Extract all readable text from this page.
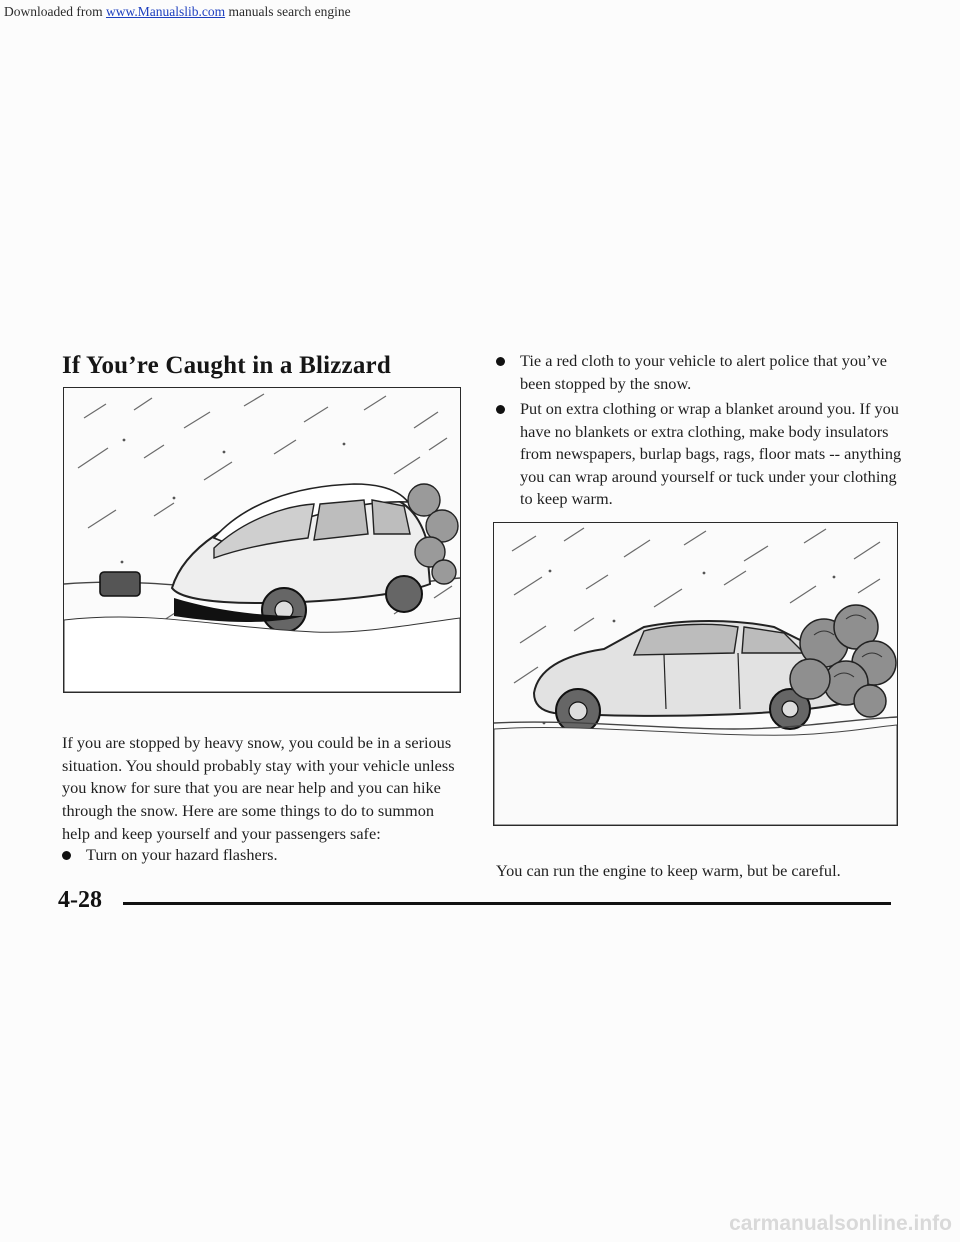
Downloaded from www.Manualslib.com manuals search engine
If You’re Caught in a Blizzard

If you are stopped by heavy snow, you could be in a serious situation. You should probably stay with your vehicle unless you know for sure that you are near help and you can hike through the snow. Here are some things to do to summon help and keep yourself and your passengers safe:

Turn on your hazard flashers.
Tie a red cloth to your vehicle to alert police that you’ve been stopped by the snow.
Put on extra clothing or wrap a blanket around you. If you have no blankets or extra clothing, make body insulators from newspapers, burlap bags, rags, floor mats -- anything you can wrap around yourself or tuck under your clothing to keep warm.

You can run the engine to keep warm, but be careful.

4-28
carmanualsonline.info
